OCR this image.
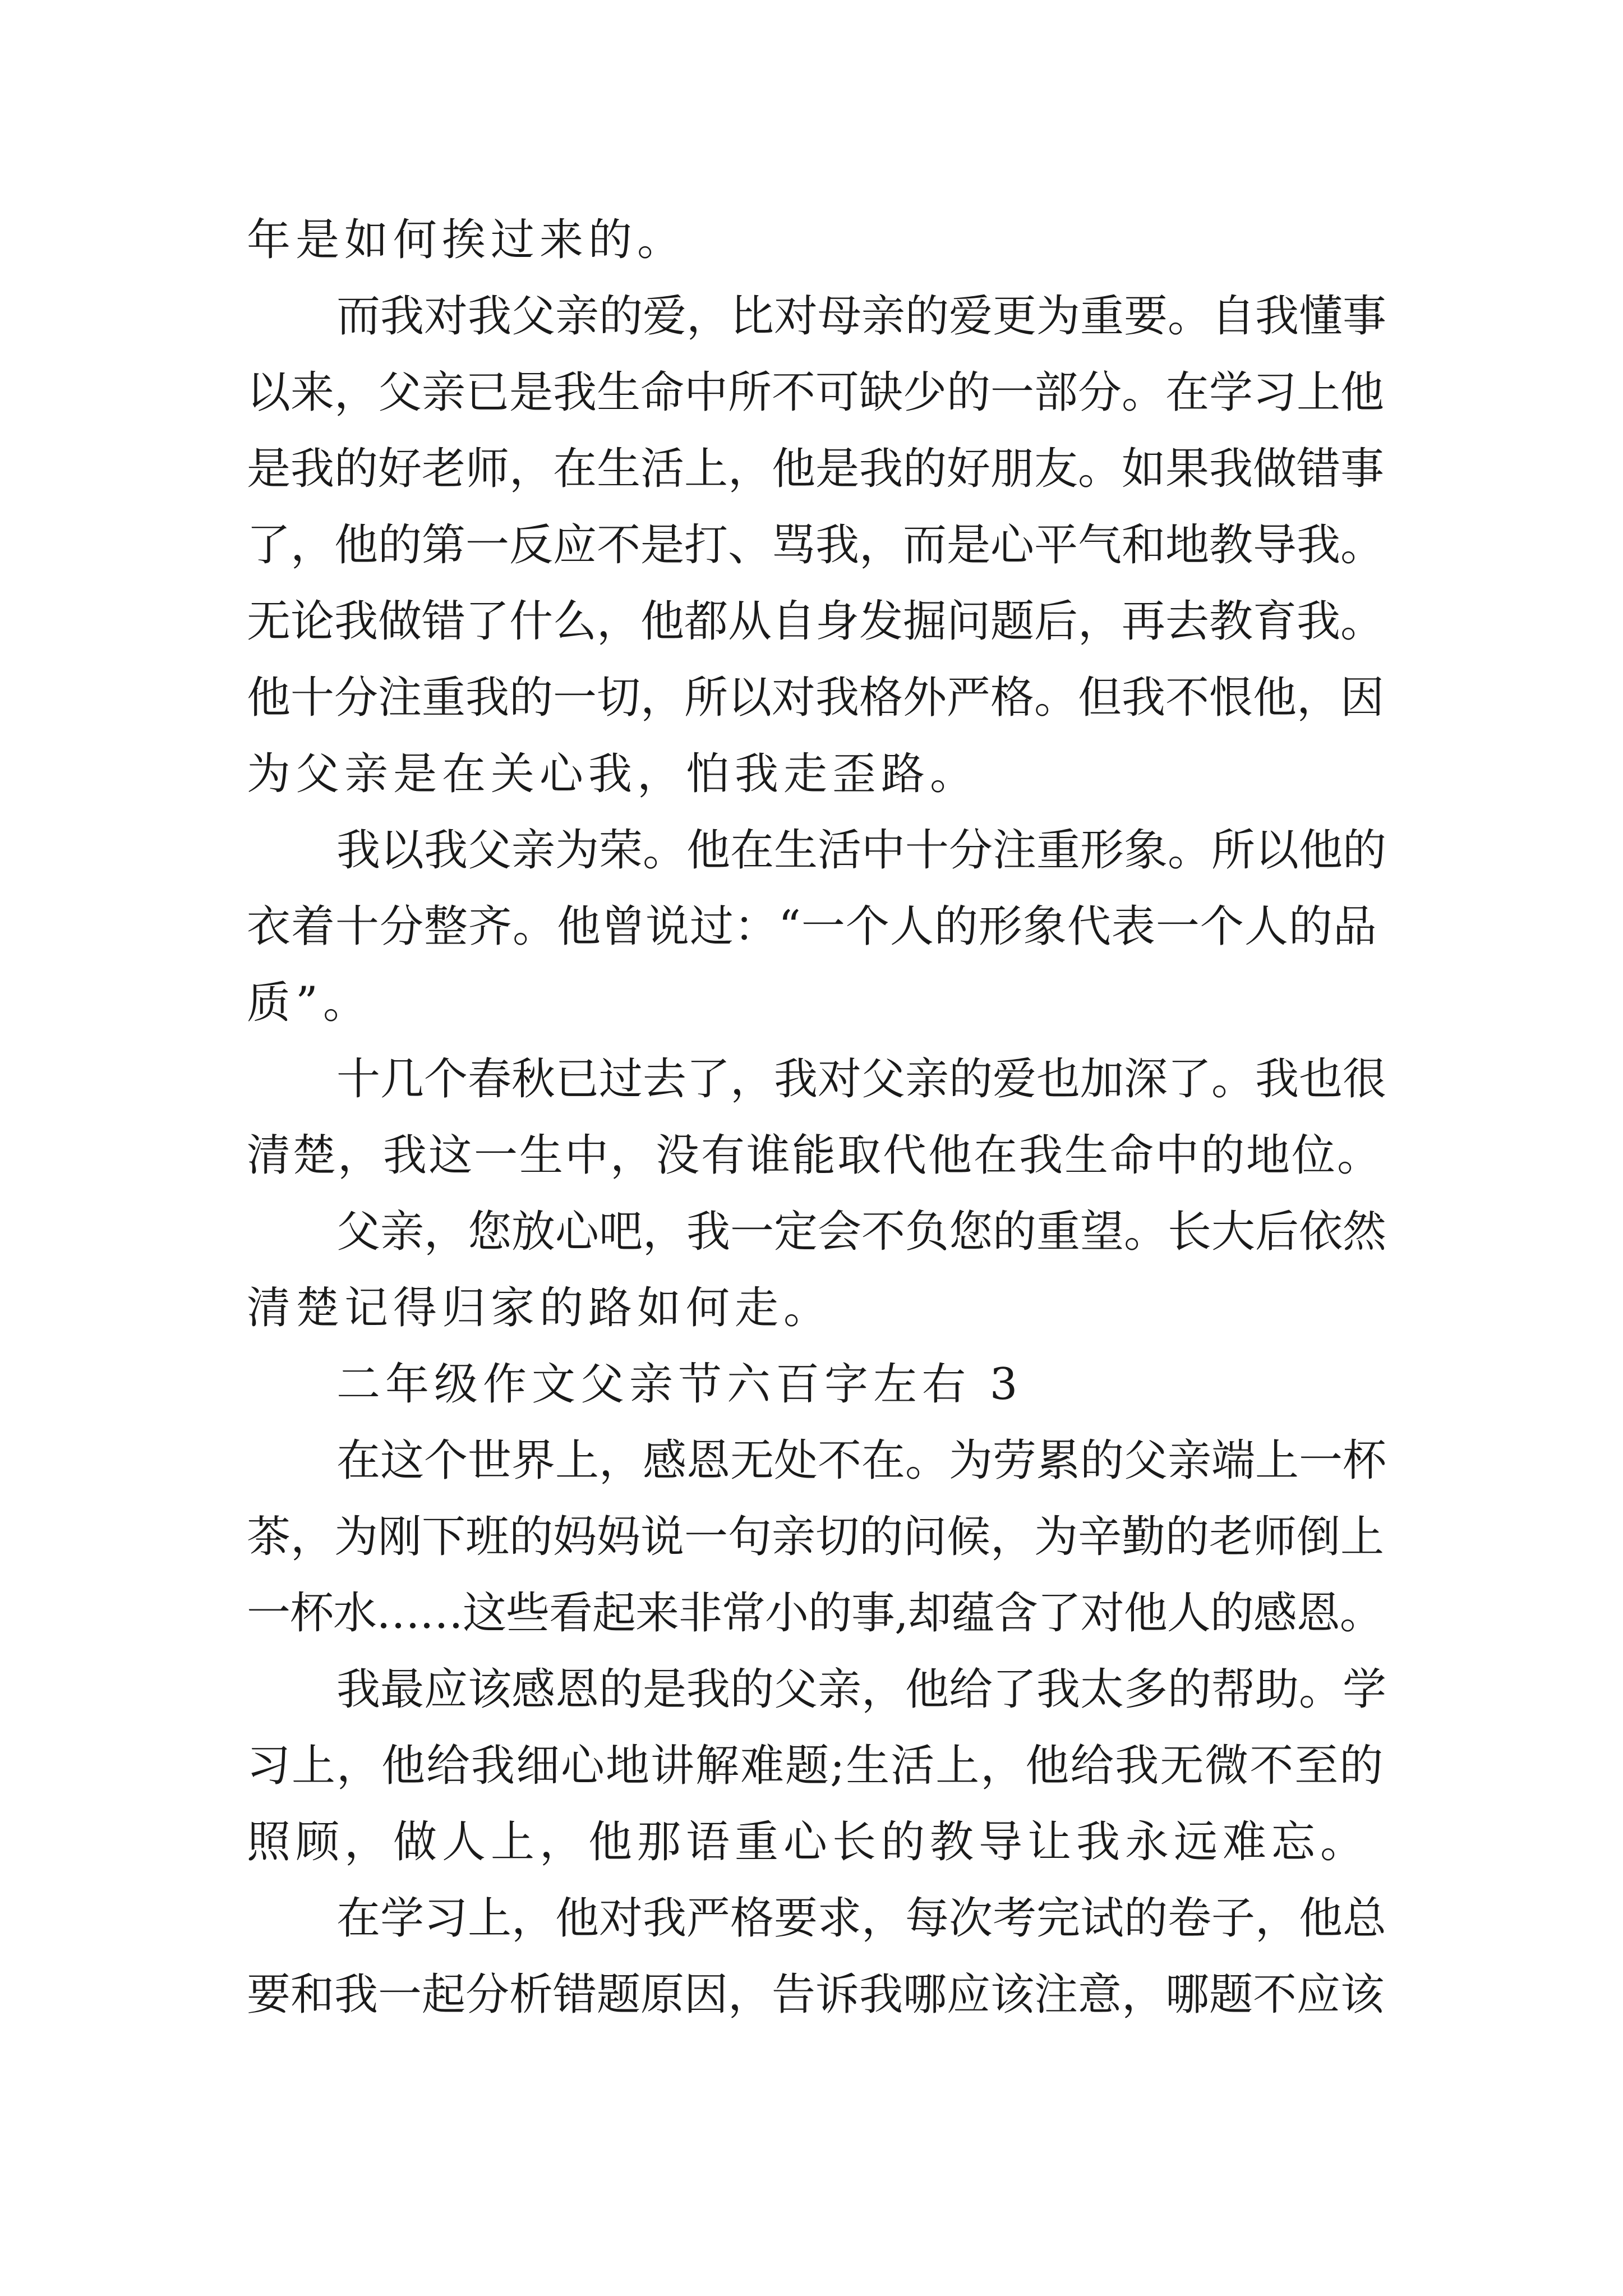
年是如何挨过来的。
而我对我父亲的爱，比对母亲的爱更为重要。自我懂事
以来，父亲已是我生命中所不可缺少的一部分。在学习上他
是我的好老师，在生活上，他是我的好朋友。如果我做错事
了，他的第一反应不是打、骂我，而是心平气和地教导我。
无论我做错了什么，他都从自身发掘问题后，再去教育我。
他十分注重我的一切，所以对我格外严格。但我不恨他，因
为父亲是在关心我，怕我走歪路。
我以我父亲为荣。他在生活中十分注重形象。所以他的
衣着十分整齐。他曾说过：“一个人的形象代表一个人的品
质”。
十几个春秋已过去了，我对父亲的爱也加深了。我也很
清楚，我这一生中，没有谁能取代他在我生命中的地位。
父亲，您放心吧，我一定会不负您的重望。长大后依然
清楚记得归家的路如何走。
二年级作文父亲节六百字左右 3
在这个世界上，感恩无处不在。为劳累的父亲端上一杯
茶，为刚下班的妈妈说一句亲切的问候，为辛勤的老师倒上
一杯水……这些看起来非常小的事,却蕴含了对他人的感恩。
我最应该感恩的是我的父亲，他给了我太多的帮助。学
习上，他给我细心地讲解难题;生活上，他给我无微不至的
照顾，做人上，他那语重心长的教导让我永远难忘。
在学习上，他对我严格要求，每次考完试的卷子，他总
要和我一起分析错题原因，告诉我哪应该注意，哪题不应该
